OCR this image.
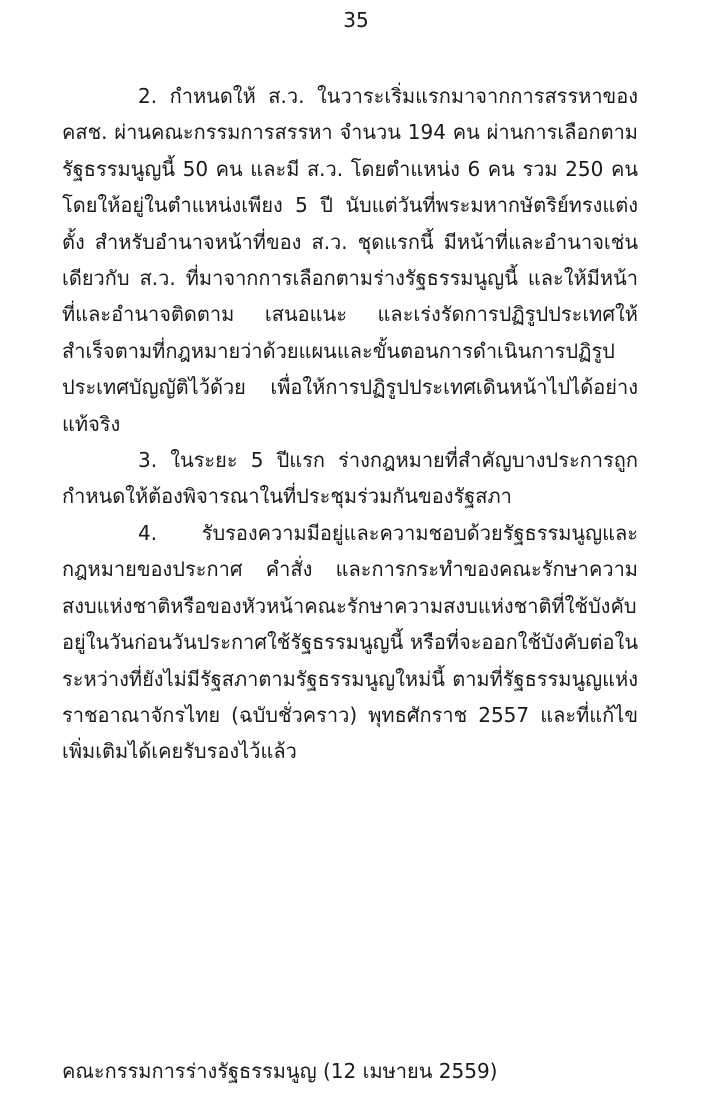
35

2. กำหนดให้ ส.ว. ในวาระเริ่มแรกมาจากการสรรหาของ คสช. ผ่านคณะกรรมการสรรหา จำนวน 194 คน ผ่านการเลือกตามรัฐธรรมนูญนี้ 50 คน และมี ส.ว. โดยตำแหน่ง 6 คน รวม 250 คน โดยให้อยู่ในตำแหน่งเพียง 5 ปี นับแต่วันที่พระมหากษัตริย์ทรงแต่งตั้ง สำหรับอำนาจหน้าที่ของ ส.ว. ชุดแรกนี้ มีหน้าที่และอำนาจเช่นเดียวกับ ส.ว. ที่มาจากการเลือกตามร่างรัฐธรรมนูญนี้ และให้มีหน้าที่และอำนาจติดตาม เสนอแนะ และเร่งรัดการปฏิรูปประเทศให้สำเร็จตามที่กฎหมายว่าด้วยแผนและขั้นตอนการดำเนินการปฏิรูปประเทศบัญญัติไว้ด้วย เพื่อให้การปฏิรูปประเทศเดินหน้าไปได้อย่างแท้จริง

3. ในระยะ 5 ปีแรก ร่างกฎหมายที่สำคัญบางประการถูกกำหนดให้ต้องพิจารณาในที่ประชุมร่วมกันของรัฐสภา

4. รับรองความมีอยู่และความชอบด้วยรัฐธรรมนูญและกฎหมายของประกาศ คำสั่ง และการกระทำของคณะรักษาความสงบแห่งชาติหรือของหัวหน้าคณะรักษาความสงบแห่งชาติที่ใช้บังคับอยู่ในวันก่อนวันประกาศใช้รัฐธรรมนูญนี้ หรือที่จะออกใช้บังคับต่อในระหว่างที่ยังไม่มีรัฐสภาตามรัฐธรรมนูญใหม่นี้ ตามที่รัฐธรรมนูญแห่งราชอาณาจักรไทย (ฉบับชั่วคราว) พุทธศักราช 2557 และที่แก้ไขเพิ่มเติมได้เคยรับรองไว้แล้ว

คณะกรรมการร่างรัฐธรรมนูญ (12 เมษายน 2559)
